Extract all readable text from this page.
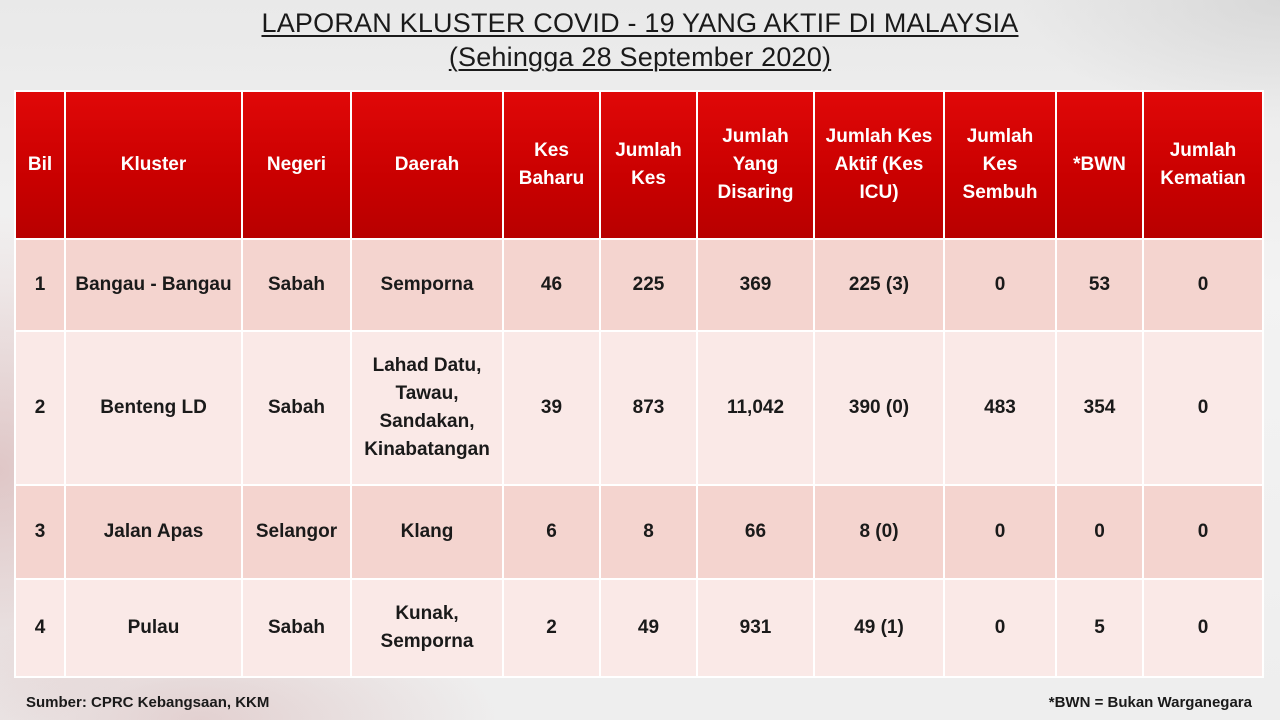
LAPORAN KLUSTER COVID - 19 YANG AKTIF DI MALAYSIA
(Sehingga 28 September 2020)
Bil	Kluster	Negeri	Daerah	Kes Baharu	Jumlah Kes	Jumlah Yang Disaring	Jumlah Kes Aktif (Kes ICU)	Jumlah Kes Sembuh	*BWN	Jumlah Kematian
1	Bangau - Bangau	Sabah	Semporna	46	225	369	225 (3)	0	53	0
2	Benteng LD	Sabah	Lahad Datu, Tawau, Sandakan, Kinabatangan	39	873	11,042	390 (0)	483	354	0
3	Jalan Apas	Selangor	Klang	6	8	66	8 (0)	0	0	0
4	Pulau	Sabah	Kunak, Semporna	2	49	931	49 (1)	0	5	0
Sumber: CPRC Kebangsaan, KKM	*BWN = Bukan Warganegara
